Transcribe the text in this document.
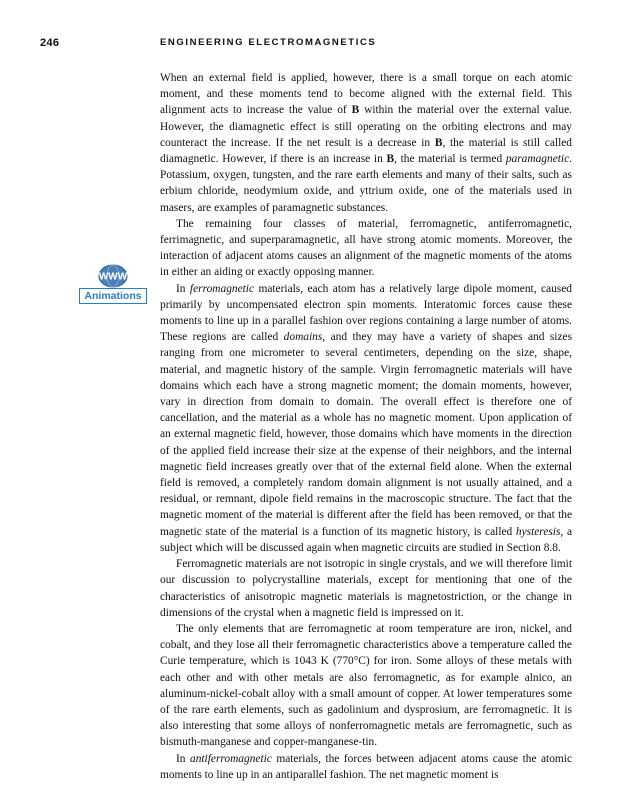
246	ENGINEERING ELECTROMAGNETICS
WWW
Animations

When an external field is applied, however, there is a small torque on each atomic moment, and these moments tend to become aligned with the external field. This alignment acts to increase the value of B within the material over the external value. However, the diamagnetic effect is still operating on the orbiting electrons and may counteract the increase. If the net result is a decrease in B, the material is still called diamagnetic. However, if there is an increase in B, the material is termed paramagnetic. Potassium, oxygen, tungsten, and the rare earth elements and many of their salts, such as erbium chloride, neodymium oxide, and yttrium oxide, one of the materials used in masers, are examples of paramagnetic substances.

The remaining four classes of material, ferromagnetic, antiferromagnetic, ferrimagnetic, and superparamagnetic, all have strong atomic moments. Moreover, the interaction of adjacent atoms causes an alignment of the magnetic moments of the atoms in either an aiding or exactly opposing manner.

In ferromagnetic materials, each atom has a relatively large dipole moment, caused primarily by uncompensated electron spin moments. Interatomic forces cause these moments to line up in a parallel fashion over regions containing a large number of atoms. These regions are called domains, and they may have a variety of shapes and sizes ranging from one micrometer to several centimeters, depending on the size, shape, material, and magnetic history of the sample. Virgin ferromagnetic materials will have domains which each have a strong magnetic moment; the domain moments, however, vary in direction from domain to domain. The overall effect is therefore one of cancellation, and the material as a whole has no magnetic moment. Upon application of an external magnetic field, however, those domains which have moments in the direction of the applied field increase their size at the expense of their neighbors, and the internal magnetic field increases greatly over that of the external field alone. When the external field is removed, a completely random domain alignment is not usually attained, and a residual, or remnant, dipole field remains in the macroscopic structure. The fact that the magnetic moment of the material is different after the field has been removed, or that the magnetic state of the material is a function of its magnetic history, is called hysteresis, a subject which will be discussed again when magnetic circuits are studied in Section 8.8.

Ferromagnetic materials are not isotropic in single crystals, and we will therefore limit our discussion to polycrystalline materials, except for mentioning that one of the characteristics of anisotropic magnetic materials is magnetostriction, or the change in dimensions of the crystal when a magnetic field is impressed on it.

The only elements that are ferromagnetic at room temperature are iron, nickel, and cobalt, and they lose all their ferromagnetic characteristics above a temperature called the Curie temperature, which is 1043 K (770°C) for iron. Some alloys of these metals with each other and with other metals are also ferromagnetic, as for example alnico, an aluminum-nickel-cobalt alloy with a small amount of copper. At lower temperatures some of the rare earth elements, such as gadolinium and dysprosium, are ferromagnetic. It is also interesting that some alloys of nonferromagnetic metals are ferromagnetic, such as bismuth-manganese and copper-manganese-tin.

In antiferromagnetic materials, the forces between adjacent atoms cause the atomic moments to line up in an antiparallel fashion. The net magnetic moment is
